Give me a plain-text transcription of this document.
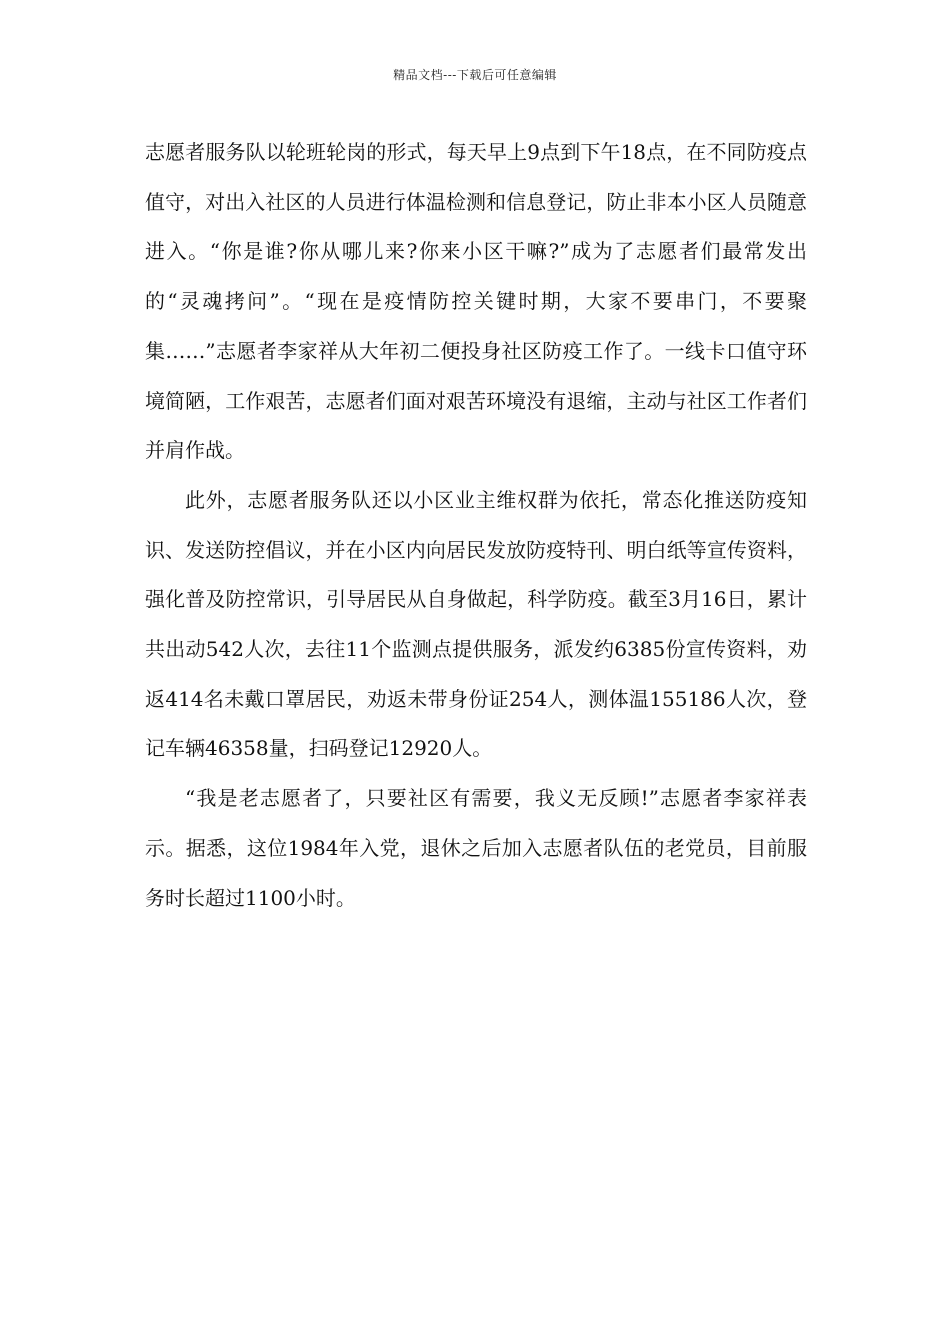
精品文档---下载后可任意编辑

志愿者服务队以轮班轮岗的形式，每天早上9点到下午18点，在不同防疫点值守，对出入社区的人员进行体温检测和信息登记，防止非本小区人员随意进入。“你是谁?你从哪儿来?你来小区干嘛?”成为了志愿者们最常发出的“灵魂拷问”。“现在是疫情防控关键时期，大家不要串门，不要聚集……”志愿者李家祥从大年初二便投身社区防疫工作了。一线卡口值守环境简陋，工作艰苦，志愿者们面对艰苦环境没有退缩，主动与社区工作者们并肩作战。

此外，志愿者服务队还以小区业主维权群为依托，常态化推送防疫知识、发送防控倡议，并在小区内向居民发放防疫特刊、明白纸等宣传资料，强化普及防控常识，引导居民从自身做起，科学防疫。截至3月16日，累计共出动542人次，去往11个监测点提供服务，派发约6385份宣传资料，劝返414名未戴口罩居民，劝返未带身份证254人，测体温155186人次，登记车辆46358量，扫码登记12920人。

“我是老志愿者了，只要社区有需要，我义无反顾!”志愿者李家祥表示。据悉，这位1984年入党，退休之后加入志愿者队伍的老党员，目前服务时长超过1100小时。
